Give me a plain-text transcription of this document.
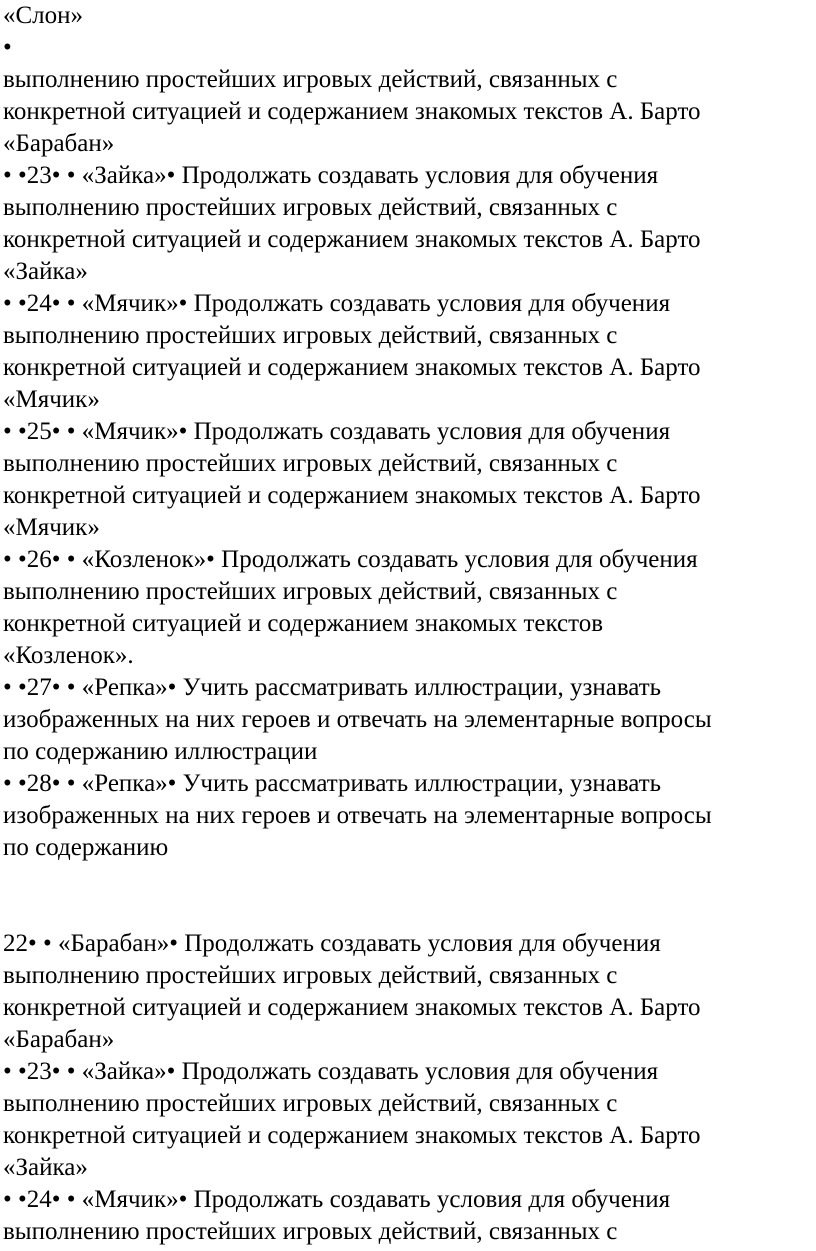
«Слон»

•

выполнению простейших игровых действий, связанных с

конкретной ситуацией и содержанием знакомых текстов А. Барто

«Барабан»

• •23• • «Зайка»• Продолжать создавать условия для обучения

выполнению простейших игровых действий, связанных с

конкретной ситуацией и содержанием знакомых текстов А. Барто

«Зайка»

• •24• • «Мячик»• Продолжать создавать условия для обучения

выполнению простейших игровых действий, связанных с

конкретной ситуацией и содержанием знакомых текстов А. Барто

«Мячик»

• •25• • «Мячик»• Продолжать создавать условия для обучения

выполнению простейших игровых действий, связанных с

конкретной ситуацией и содержанием знакомых текстов А. Барто

«Мячик»

• •26• • «Козленок»• Продолжать создавать условия для обучения

выполнению простейших игровых действий, связанных с

конкретной ситуацией и содержанием знакомых текстов

«Козленок».

• •27• • «Репка»• Учить рассматривать иллюстрации, узнавать

изображенных на них героев и отвечать на элементарные вопросы

по содержанию иллюстрации

• •28• • «Репка»• Учить рассматривать иллюстрации, узнавать

изображенных на них героев и отвечать на элементарные вопросы

по содержанию

22• • «Барабан»• Продолжать создавать условия для обучения

выполнению простейших игровых действий, связанных с

конкретной ситуацией и содержанием знакомых текстов А. Барто

«Барабан»

• •23• • «Зайка»• Продолжать создавать условия для обучения

выполнению простейших игровых действий, связанных с

конкретной ситуацией и содержанием знакомых текстов А. Барто

«Зайка»

• •24• • «Мячик»• Продолжать создавать условия для обучения

выполнению простейших игровых действий, связанных с
